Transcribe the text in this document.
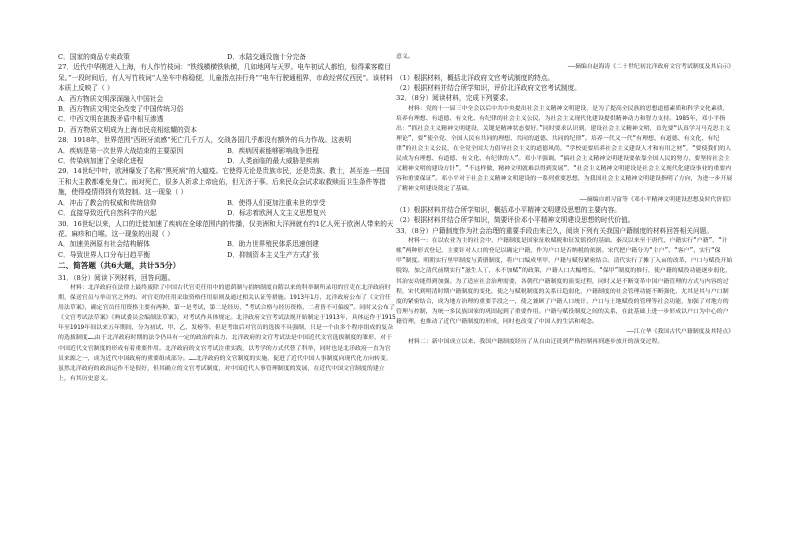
C．国家的商品专卖政策	D．水陆交通设施十分完备

27．近代中华刚进入上海，有人作竹枝词：“铁线横横铁轨横，几如地网与天罗。电车初试人都怕，惊得乘客瞠目呆。”一段时间后，有人写竹枝词“人坐车中称稳便，儿童指点挂行舟”“电车行驶通租界，市政经营仗西民”。该材料本质上反映了（ ）

A．西方物质文明深深融入中国社会

B．西方物质文明完全改变了中国传统习俗

C．中西文明在挑拨矛盾中相互渗透

D．西方物质文明成为上海市民竞相炫耀的资本

28．1918年，世界范围“西班牙流感”死亡几千万人，交战各国几乎都没有额外的兵力作战。这表明

A．疾病是第一次世界大战结束的主要原因	B．疾病因素能够影响战争进程
C．传染病加速了全球化进程	D．人类面临的最大威胁是疾病

29．14世纪中叶，欧洲爆发了名称“黑死病”的大瘟疫。它使得无论是贵族市民，还是贵族、教士，甚至连一些国王和大主教都难免身亡。面对死亡，很多人祈求上帝庇佑，但无济于事。后来民众会试求取救赎而卫生条件等措施，使得疫情得到有效控制。这一现象（ ）

A．冲击了教会的权威和传统信仰	B．使得人们更加注重未世的享受
C．直接导致近代自然科学的兴起	D．标志着欧洲人文主义思想复兴

30．16世纪以来，人口的迁徙加速了疾病在全球范围内的传播，仅美洲和大洋洲就有约1亿人死于欧洲人带来的天花、麻疹和白喉。这一现象的出现（ ）

A．加速美洲原有社会结构解体	B．助力世界殖民体系迅速创建
C．导致世界人口分布日趋平衡	D．抑制资本主义生产方式扩张

二、简答题（共6大题，共计55分）

31．（8分）阅读下列材料，回答问题。

材料：北洋政府在法律上最终废除了中国古代官吏任用中的恩荫制与捐纳制度自隋以来的科举制所录用的官吏在北洋政府时期，保送官员与举贡官之外的。对官吏的任用采取资格任用原则及通过相关认证等措施。1913年1月，北洋政府公布了《文官任用法草案》，确定官员任用资格主要有两种，第一是考试，第二是经历，“考试合格与经历资格，二者皆不可偏废”。同时又公布了《文官考试法草案》《典试委员会编制法草案》，对考试作具体规定。北洋政府文官考试法规开始制定于1913年，具体运作于1915年至1919年间以来五年期间，分为初试、甲、乙、发榜等。但是考取后对官员的选拔不具强制，只是一个由多个程序组成的复杂的选拔制度……由于北洋政府时期的法令仍具有一定的政治约束力，北洋政府的文官考试法是中国近代文官选拔制度的雏形，对于中国近代文官制度的形成有着重要作用。北洋政府的文官考试注重实践，以考学的方式代替了科举，同时也是北洋政府一直为官员来源之一，成为近代中国政府的重要组成部分。……北洋政府的文官制度的实施，促进了近代中国人事制度向现代化方向转变，虽然北洋政府的政治运作不是很好，但其确立的文官考试制度，对中国近代人事管理制度的发展，在近代中国文官制度的建立上，有其历史意义。

意义。

——摘编自赵海涛《二十世纪初北洋政府文官考试制度及其启示》

（1）根据材料，概括北洋政府文官考试制度的特点。

（2）根据材料并结合所学知识，评价北洋政府文官考试制度。

32．（8分）阅读材料，完成下列要求。

材料：党的十一届三中全会以后中共中央提出社会主义精神文明建设，是为了提高全民族的思想道德素质和科学文化素质，培养有理想、有道德、有文化、有纪律的社会主义公民，为社会主义现代化建设提供精神动力和智力支持。1985年，邓小平指出：“抓社会主义精神文明建设，关键是精神状态要好。”同时要求认识到，建设社会主义精神文明，首先要“认真学习马克思主义理论”，要“使全党、全国人民有共同的理想、共同的道德、共同的纪律”。培养一代又一代“有理想、有道德、有文化、有纪律”的社会主义公民，在全党全国大力倡导社会主义的道德风尚，“学校更要培养社会主义建设人才和有用之材”，“要使我们的人民成为有理想、有道德、有文化、有纪律的人”。邓小平强调，“搞社会主义精神文明建设要依靠全国人民的努力，要坚持社会主义精神文明的建设方针”，“不这样做，精神文明就难以得到发展”，“社会主义精神文明建设是社会主义现代化建设事业的重要内容和重要保证”。邓小平对于社会主义精神文明建设的一系列重要思想，为我国社会主义精神文明建设指明了方向，为进一步开展了精神文明建设奠定了基础。

——摘编自胡习富等《邓小平精神文明建设思想及时代价值》

（1）根据材料并结合所学知识，概括邓小平精神文明建设思想的主要内容。

（2）根据材料并结合所学知识，简要评价邓小平精神文明建设思想的时代价值。

33．（8分）户籍制度作为社会治理的重要手段由来已久，阅读下列有关我国户籍制度的材料回答相关问题。

材料一：在以农业为主的社会中，户籍制度是国家征收赋税和征发徭役的基础。秦汉以来至于唐代，户籍实行“户籍”、“计帐”两种形式登记，主要针对人口的登记以确定户籍，作为户口是否纳税的依据。宋代把户籍分为“主户”、“客户”，实行“保甲”制度。明朝实行里甲制度与黄册制度，将户口编成里甲，户籍与赋役紧密结合。清代实行了摊丁入亩的改革，户口与赋役开始脱钩，加之清代前期实行“滋生人丁，永不加赋”的政策，户籍人口大幅增长。“保甲”制度的推行，使户籍的赋役功能逐步弱化，其治安功能得到加强。为了适应社会治理需要，各朝代户籍制度的演变过程，同时又是不断变革中国户籍管理的方式与内容的过程，宋代到明清时期户籍制度的变化，使之与赋税制度的关系日趋弱化，户籍制度的社会管理功能不断强化，尤其是其与户口制度的紧密结合，成为地方治理的重要手段之一，使之兼顾了户籍人口统计、户口与土地赋役的管理等社会功能，加强了对地方的管理与控制，为统一多民族国家的巩固起到了重要作用。户籍与赋役制度之间的关系，在此基础上进一步形成以户口为中心的户籍管理，也推动了近代户籍制度的形成，同时也改变了中国人的生活和观念。

——江立华《我国古代户籍制度及其特点》

材料二：新中国成立以来，我国户籍制度经历了从自由迁徙到严格控制再到逐步放开的演变过程。
